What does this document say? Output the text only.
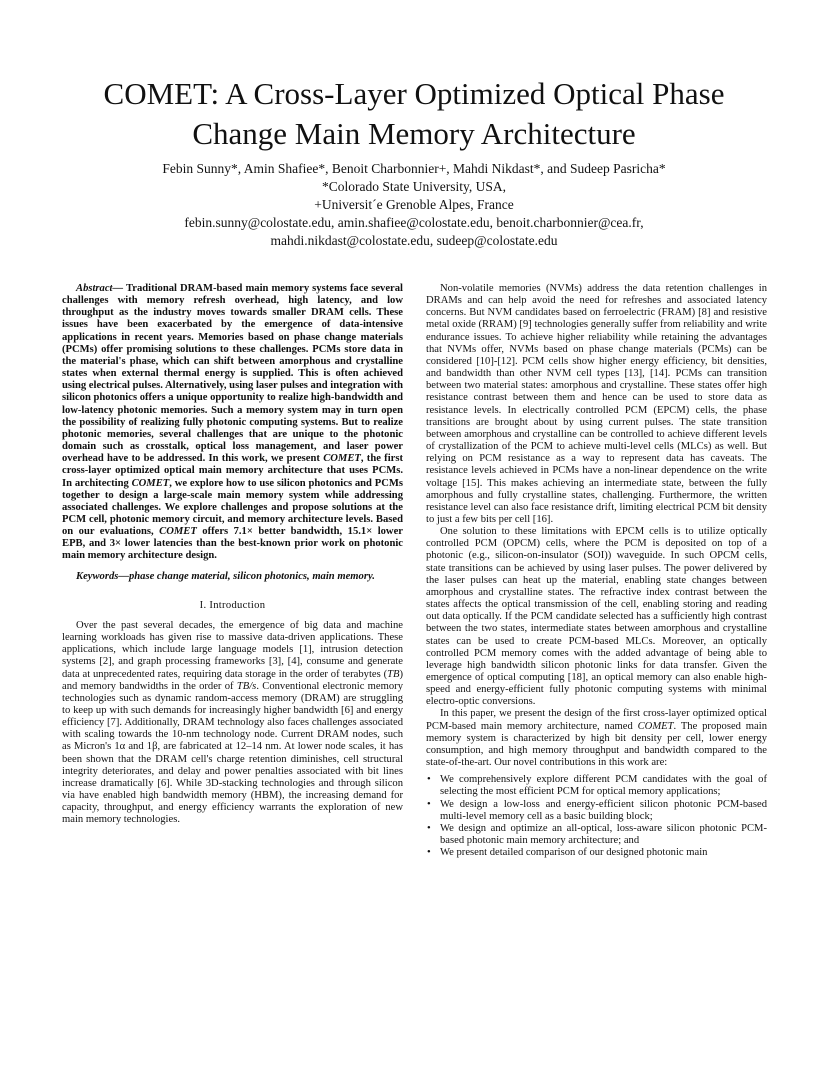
COMET: A Cross-Layer Optimized Optical Phase
Change Main Memory Architecture
Febin Sunny*, Amin Shafiee*, Benoit Charbonnier+, Mahdi Nikdast*, and Sudeep Pasricha*
*Colorado State University, USA,
+Universit´e Grenoble Alpes, France
febin.sunny@colostate.edu, amin.shafiee@colostate.edu, benoit.charbonnier@cea.fr,
mahdi.nikdast@colostate.edu, sudeep@colostate.edu

Abstract— Traditional DRAM-based main memory systems face several challenges with memory refresh overhead, high latency, and low throughput as the industry moves towards smaller DRAM cells. These issues have been exacerbated by the emergence of data-intensive applications in recent years. Memories based on phase change materials (PCMs) offer promising solutions to these challenges. PCMs store data in the material's phase, which can shift between amorphous and crystalline states when external thermal energy is supplied. This is often achieved using electrical pulses. Alternatively, using laser pulses and integration with silicon photonics offers a unique opportunity to realize high-bandwidth and low-latency photonic memories. Such a memory system may in turn open the possibility of realizing fully photonic computing systems. But to realize photonic memories, several challenges that are unique to the photonic domain such as crosstalk, optical loss management, and laser power overhead have to be addressed. In this work, we present COMET, the first cross-layer optimized optical main memory architecture that uses PCMs. In architecting COMET, we explore how to use silicon photonics and PCMs together to design a large-scale main memory system while addressing associated challenges. We explore challenges and propose solutions at the PCM cell, photonic memory circuit, and memory architecture levels. Based on our evaluations, COMET offers 7.1× better bandwidth, 15.1× lower EPB, and 3× lower latencies than the best-known prior work on photonic main memory architecture design.

Keywords—phase change material, silicon photonics, main memory.

I. Introduction

Over the past several decades, the emergence of big data and machine learning workloads has given rise to massive data-driven applications. These applications, which include large language models [1], intrusion detection systems [2], and graph processing frameworks [3], [4], consume and generate data at unprecedented rates, requiring data storage in the order of terabytes (TB) and memory bandwidths in the order of TB/s. Conventional electronic memory technologies such as dynamic random-access memory (DRAM) are struggling to keep up with such demands for increasingly higher bandwidth [6] and energy efficiency [7]. Additionally, DRAM technology also faces challenges associated with scaling towards the 10-nm technology node. Current DRAM nodes, such as Micron's 1α and 1β, are fabricated at 12–14 nm. At lower node scales, it has been shown that the DRAM cell's charge retention diminishes, cell structural integrity deteriorates, and delay and power penalties associated with bit lines increase dramatically [6]. While 3D-stacking technologies and through silicon via have enabled high bandwidth memory (HBM), the increasing demand for capacity, throughput, and energy efficiency warrants the exploration of new main memory technologies.

Non-volatile memories (NVMs) address the data retention challenges in DRAMs and can help avoid the need for refreshes and associated latency concerns. But NVM candidates based on ferroelectric (FRAM) [8] and resistive metal oxide (RRAM) [9] technologies generally suffer from reliability and write endurance issues. To achieve higher reliability while retaining the advantages that NVMs offer, NVMs based on phase change materials (PCMs) can be considered [10]-[12]. PCM cells show higher energy efficiency, bit densities, and bandwidth than other NVM cell types [13], [14]. PCMs can transition between two material states: amorphous and crystalline. These states offer high resistance contrast between them and hence can be used to store data as resistance levels. In electrically controlled PCM (EPCM) cells, the phase transitions are brought about by using current pulses. The state transition between amorphous and crystalline can be controlled to achieve different levels of crystallization of the PCM to achieve multi-level cells (MLCs) as well. But relying on PCM resistance as a way to represent data has caveats. The resistance levels achieved in PCMs have a non-linear dependence on the write voltage [15]. This makes achieving an intermediate state, between the fully amorphous and fully crystalline states, challenging. Furthermore, the written resistance level can also face resistance drift, limiting electrical PCM bit density to just a few bits per cell [16].

One solution to these limitations with EPCM cells is to utilize optically controlled PCM (OPCM) cells, where the PCM is deposited on top of a photonic (e.g., silicon-on-insulator (SOI)) waveguide. In such OPCM cells, state transitions can be achieved by using laser pulses. The power delivered by the laser pulses can heat up the material, enabling state changes between amorphous and crystalline states. The refractive index contrast between the states affects the optical transmission of the cell, enabling storing and reading out data optically. If the PCM candidate selected has a sufficiently high contrast between the two states, intermediate states between amorphous and crystalline states can be used to create PCM-based MLCs. Moreover, an optically controlled PCM memory comes with the added advantage of being able to leverage high bandwidth silicon photonic links for data transfer. Given the emergence of optical computing [18], an optical memory can also enable high-speed and energy-efficient fully photonic computing systems with minimal electro-optic conversions.

In this paper, we present the design of the first cross-layer optimized optical PCM-based main memory architecture, named COMET. The proposed main memory system is characterized by high bit density per cell, lower energy consumption, and high memory throughput and bandwidth compared to the state-of-the-art. Our novel contributions in this work are:

• We comprehensively explore different PCM candidates with the goal of selecting the most efficient PCM for optical memory applications;
• We design a low-loss and energy-efficient silicon photonic PCM-based multi-level memory cell as a basic building block;
• We design and optimize an all-optical, loss-aware silicon photonic PCM-based photonic main memory architecture; and
• We present detailed comparison of our designed photonic main
